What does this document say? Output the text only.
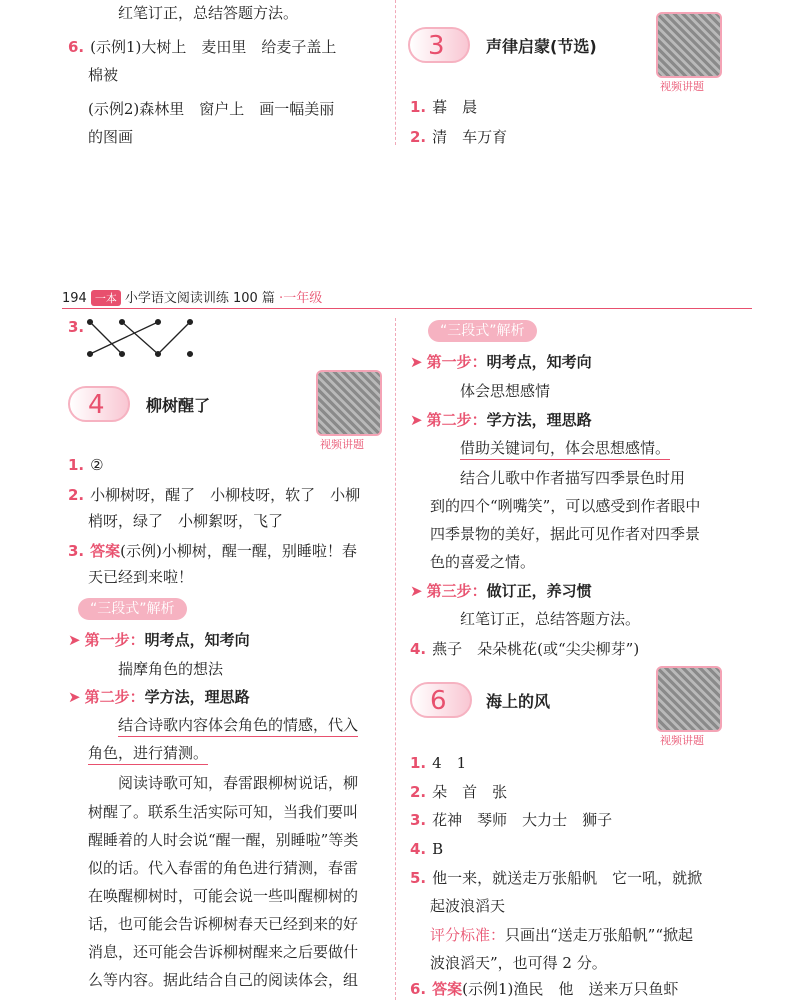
红笔订正，总结答题方法。
6. (示例1)大树上　麦田里　给麦子盖上
棉被
(示例2)森林里　窗户上　画一幅美丽
的图画
3	声律启蒙(节选)
视频讲题
1. 暮　晨
2. 清　车万育
194 一本 小学语文阅读训练 100 篇 ·一年级
3.
4	柳树醒了
视频讲题
1. ②
2. 小柳树呀，醒了　小柳枝呀，软了　小柳
梢呀，绿了　小柳絮呀，飞了
3. 答案(示例)小柳树，醒一醒，别睡啦！春
天已经到来啦！
“三段式”解析
➤ 第一步：明考点，知考向
揣摩角色的想法
➤ 第二步：学方法，理思路
结合诗歌内容体会角色的情感，代入
角色，进行猜测。
阅读诗歌可知，春雷跟柳树说话，柳
树醒了。联系生活实际可知，当我们要叫
醒睡着的人时会说“醒一醒，别睡啦”等类
似的话。代入春雷的角色进行猜测，春雷
在唤醒柳树时，可能会说一些叫醒柳树的
话，也可能会告诉柳树春天已经到来的好
消息，还可能会告诉柳树醒来之后要做什
么等内容。据此结合自己的阅读体会，组
“三段式”解析
➤ 第一步：明考点，知考向
体会思想感情
➤ 第二步：学方法，理思路
借助关键词句，体会思想感情。
结合儿歌中作者描写四季景色时用
到的四个“咧嘴笑”，可以感受到作者眼中
四季景物的美好，据此可见作者对四季景
色的喜爱之情。
➤ 第三步：做订正，养习惯
红笔订正，总结答题方法。
4. 燕子　朵朵桃花(或“尖尖柳芽”)
6 海上的风
视频讲题
1. 4　1
2. 朵　首　张
3. 花神　琴师　大力士　狮子
4. B
5. 他一来，就送走万张船帆　它一吼，就掀
起波浪滔天
评分标准：只画出“送走万张船帆”“掀起
波浪滔天”，也可得 2 分。
6. 答案(示例1)渔民　他　送来万只鱼虾
